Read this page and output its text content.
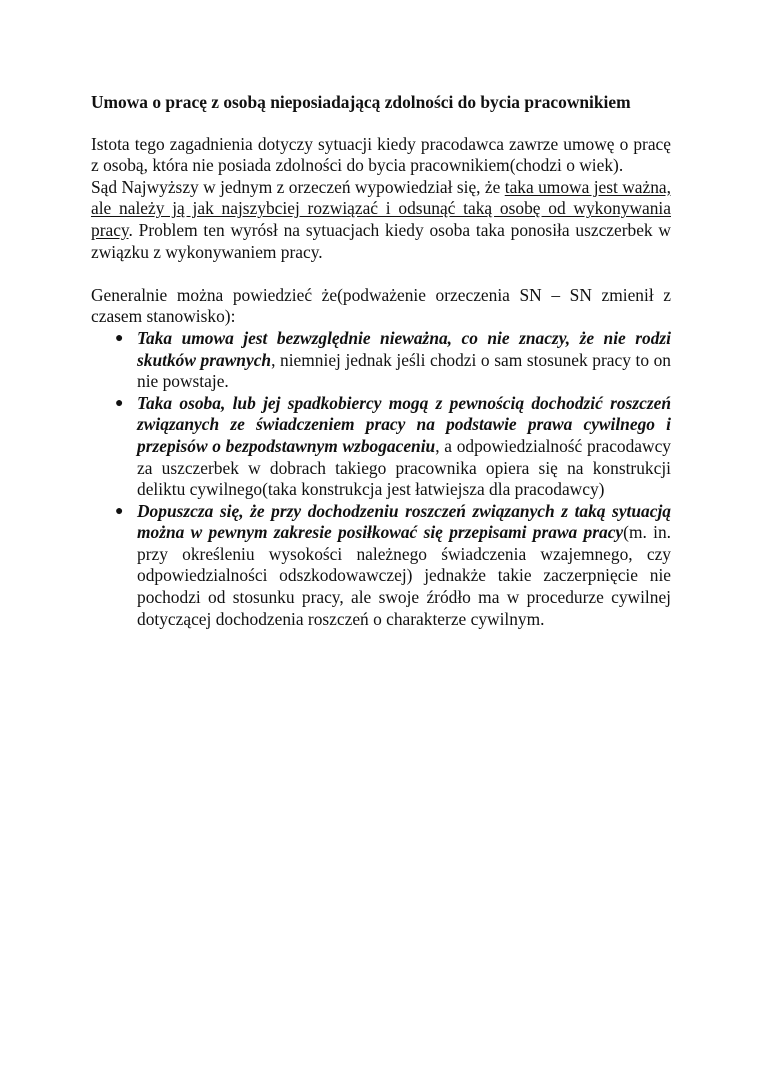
Umowa o pracę z osobą nieposiadającą zdolności do bycia pracownikiem

Istota tego zagadnienia dotyczy sytuacji kiedy pracodawca zawrze umowę o pracę z osobą, która nie posiada zdolności do bycia pracownikiem(chodzi o wiek).

Sąd Najwyższy w jednym z orzeczeń wypowiedział się, że taka umowa jest ważna, ale należy ją jak najszybciej rozwiązać i odsunąć taką osobę od wykonywania pracy. Problem ten wyrósł na sytuacjach kiedy osoba taka ponosiła uszczerbek w związku z wykonywaniem pracy.

Generalnie można powiedzieć że(podważenie orzeczenia SN – SN zmienił z czasem stanowisko):

● Taka umowa jest bezwzględnie nieważna, co nie znaczy, że nie rodzi skutków prawnych, niemniej jednak jeśli chodzi o sam stosunek pracy to on nie powstaje.
● Taka osoba, lub jej spadkobiercy mogą z pewnością dochodzić roszczeń związanych ze świadczeniem pracy na podstawie prawa cywilnego i przepisów o bezpodstawnym wzbogaceniu, a odpowiedzialność pracodawcy za uszczerbek w dobrach takiego pracownika opiera się na konstrukcji deliktu cywilnego(taka konstrukcja jest łatwiejsza dla pracodawcy)
● Dopuszcza się, że przy dochodzeniu roszczeń związanych z taką sytuacją można w pewnym zakresie posiłkować się przepisami prawa pracy(m. in. przy określeniu wysokości należnego świadczenia wzajemnego, czy odpowiedzialności odszkodowawczej) jednakże takie zaczerpnięcie nie pochodzi od stosunku pracy, ale swoje źródło ma w procedurze cywilnej dotyczącej dochodzenia roszczeń o charakterze cywilnym.
